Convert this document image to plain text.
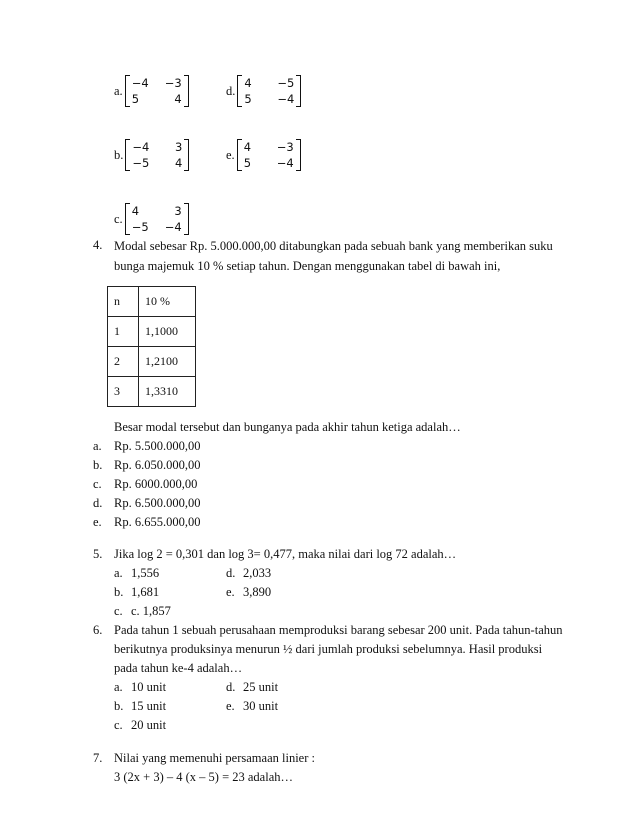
a.
−4	−3
5	4
d.
4	−5
5	−4
b.
−4	3
−5	4
e.
4	−3
5	−4
c.
4	3
−5	−4
4. Modal sebesar Rp. 5.000.000,00 ditabungkan pada sebuah bank yang memberikan suku
bunga majemuk 10 % setiap tahun. Dengan menggunakan tabel di bawah ini,
n	10 %
1	1,1000
2	1,2100
3	1,3310
Besar modal tersebut dan bunganya pada akhir tahun ketiga adalah…
a. Rp. 5.500.000,00
b. Rp. 6.050.000,00
c. Rp. 6000.000,00
d. Rp. 6.500.000,00
e. Rp. 6.655.000,00
5. Jika log 2 = 0,301 dan log 3= 0,477, maka nilai dari log 72 adalah…
a. 1,556	d. 2,033
b. 1,681	e. 3,890
c. c. 1,857
6. Pada tahun 1 sebuah perusahaan memproduksi barang sebesar 200 unit. Pada tahun-tahun
berikutnya produksinya menurun ½ dari jumlah produksi sebelumnya. Hasil produksi
pada tahun ke-4 adalah…
a. 10 unit	d. 25 unit
b. 15 unit	e. 30 unit
c. 20 unit
7. Nilai yang memenuhi persamaan linier :
3 (2x + 3) – 4 (x – 5) = 23 adalah…
